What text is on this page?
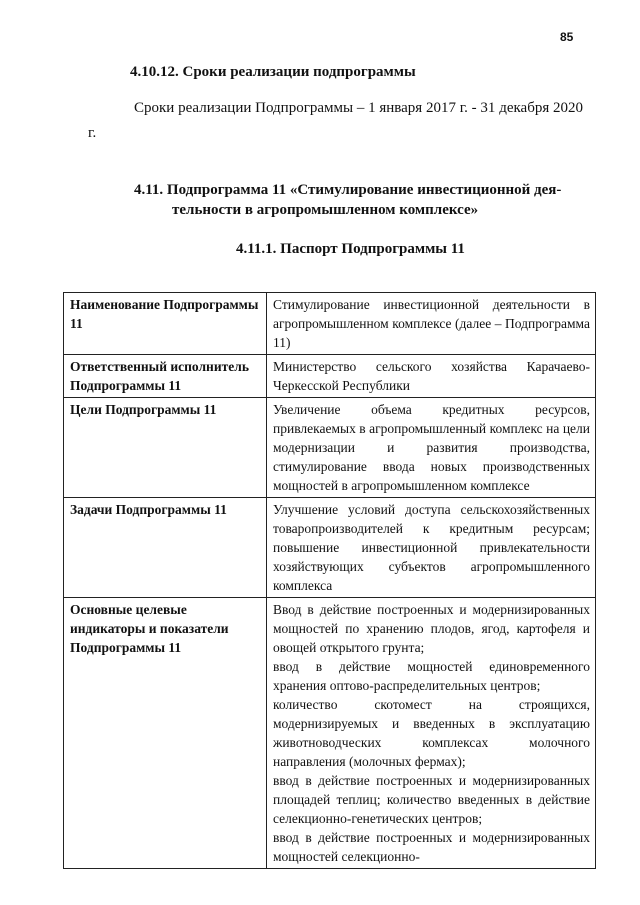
85
4.10.12. Сроки реализации подпрограммы
Сроки реализации Подпрограммы – 1 января 2017 г. - 31 декабря 2020 г.
4.11. Подпрограмма 11 «Стимулирование инвестиционной дея-
тельности в агропромышленном комплексе»
4.11.1. Паспорт Подпрограммы 11
Наименование Подпрограммы 11	Стимулирование инвестиционной деятельности в агропромышленном комплексе (далее – Подпрограмма 11)

Ответственный исполнитель Подпрограммы 11	Министерство сельского хозяйства Карачаево-Черкесской Республики

Цели Подпрограммы 11	Увеличение объема кредитных ресурсов, привлекаемых в агропромышленный комплекс на цели модернизации и развития производства, стимулирование ввода новых производственных мощностей в агропромышленном комплексе

Задачи Подпрограммы 11	Улучшение условий доступа сельскохозяйственных товаропроизводителей к кредитным ресурсам; повышение инвестиционной привлекательности хозяйствующих субъектов агропромышленного комплекса

Основные целевые индикаторы и показатели Подпрограммы 11	Ввод в действие построенных и модернизированных мощностей по хранению плодов, ягод, картофеля и овощей открытого грунта;
ввод в действие мощностей единовременного хранения оптово-распределительных центров;
количество скотомест на строящихся, модернизируемых и введенных в эксплуатацию животноводческих комплексах молочного направления (молочных фермах);
ввод в действие построенных и модернизированных площадей теплиц; количество введенных в действие селекционно-генетических центров;
ввод в действие построенных и модернизированных мощностей селекционно-
